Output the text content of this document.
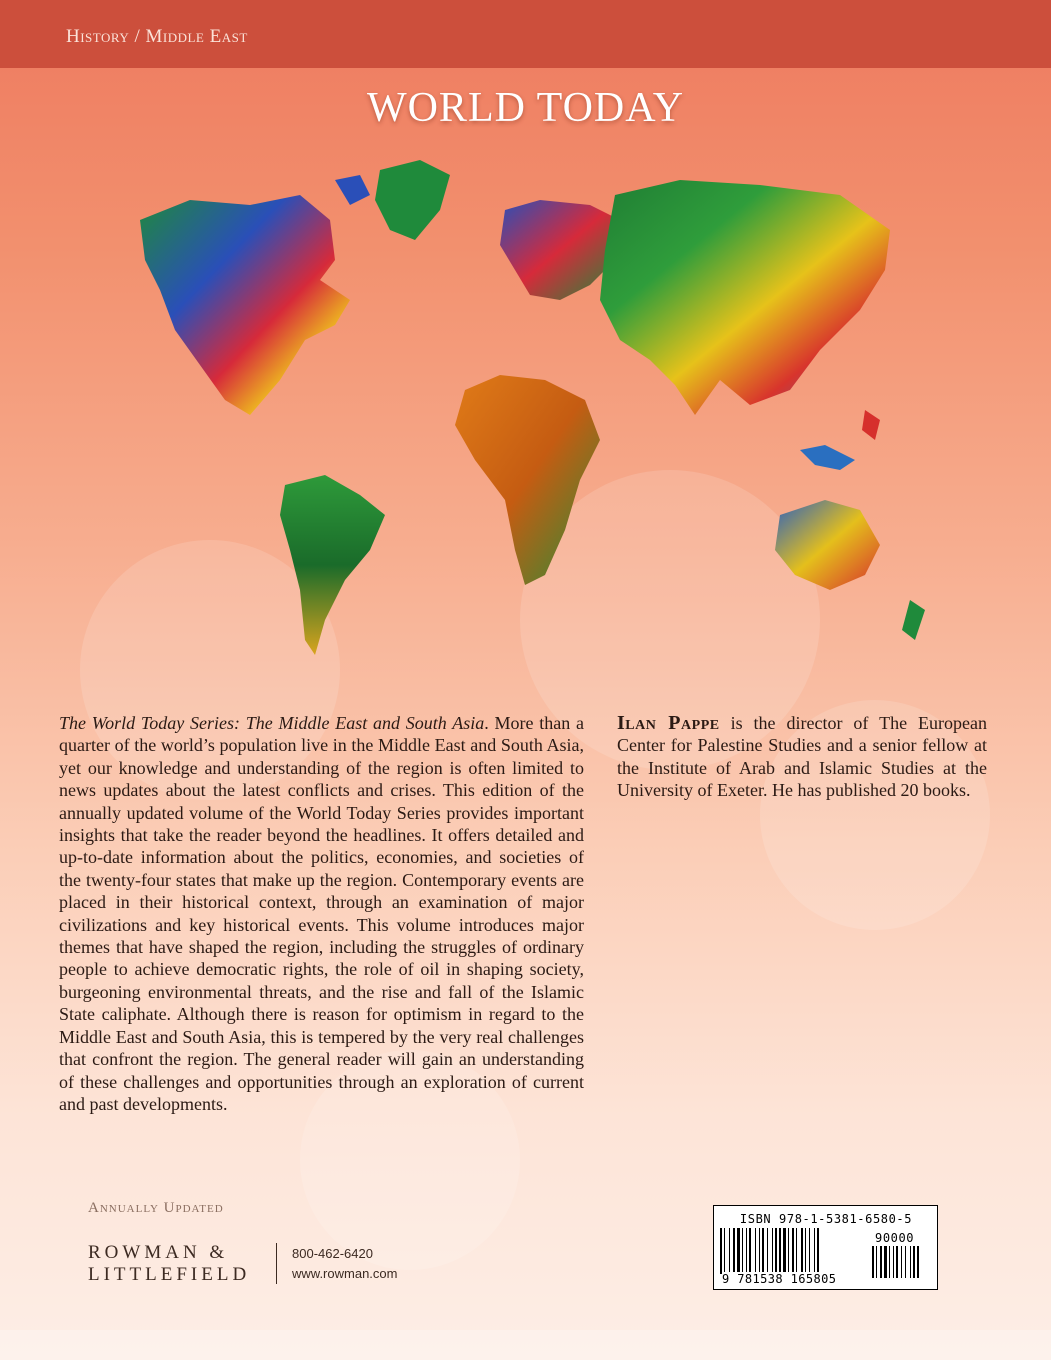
History / Middle East
WORLD TODAY
The World Today Series: The Middle East and South Asia. More than a quarter of the world’s population live in the Middle East and South Asia, yet our knowledge and understanding of the region is often limited to news updates about the latest conflicts and crises. This edition of the annually updated volume of the World Today Series provides important insights that take the reader beyond the headlines. It offers detailed and up-to-date information about the politics, economies, and societies of the twenty-four states that make up the region. Contemporary events are placed in their historical context, through an examination of major civilizations and key historical events. This volume introduces major themes that have shaped the region, including the struggles of ordinary people to achieve democratic rights, the role of oil in shaping society, burgeoning environmental threats, and the rise and fall of the Islamic State caliphate. Although there is reason for optimism in regard to the Middle East and South Asia, this is tempered by the very real challenges that confront the region. The general reader will gain an understanding of these challenges and opportunities through an exploration of current and past developments.
Ilan Pappe is the director of The European Center for Palestine Studies and a senior fellow at the Institute of Arab and Islamic Studies at the University of Exeter. He has published 20 books.
Annually Updated
ROWMAN &
LITTLEFIELD
800-462-6420
www.rowman.com
ISBN 978-1-5381-6580-5
90000
9 781538 165805
